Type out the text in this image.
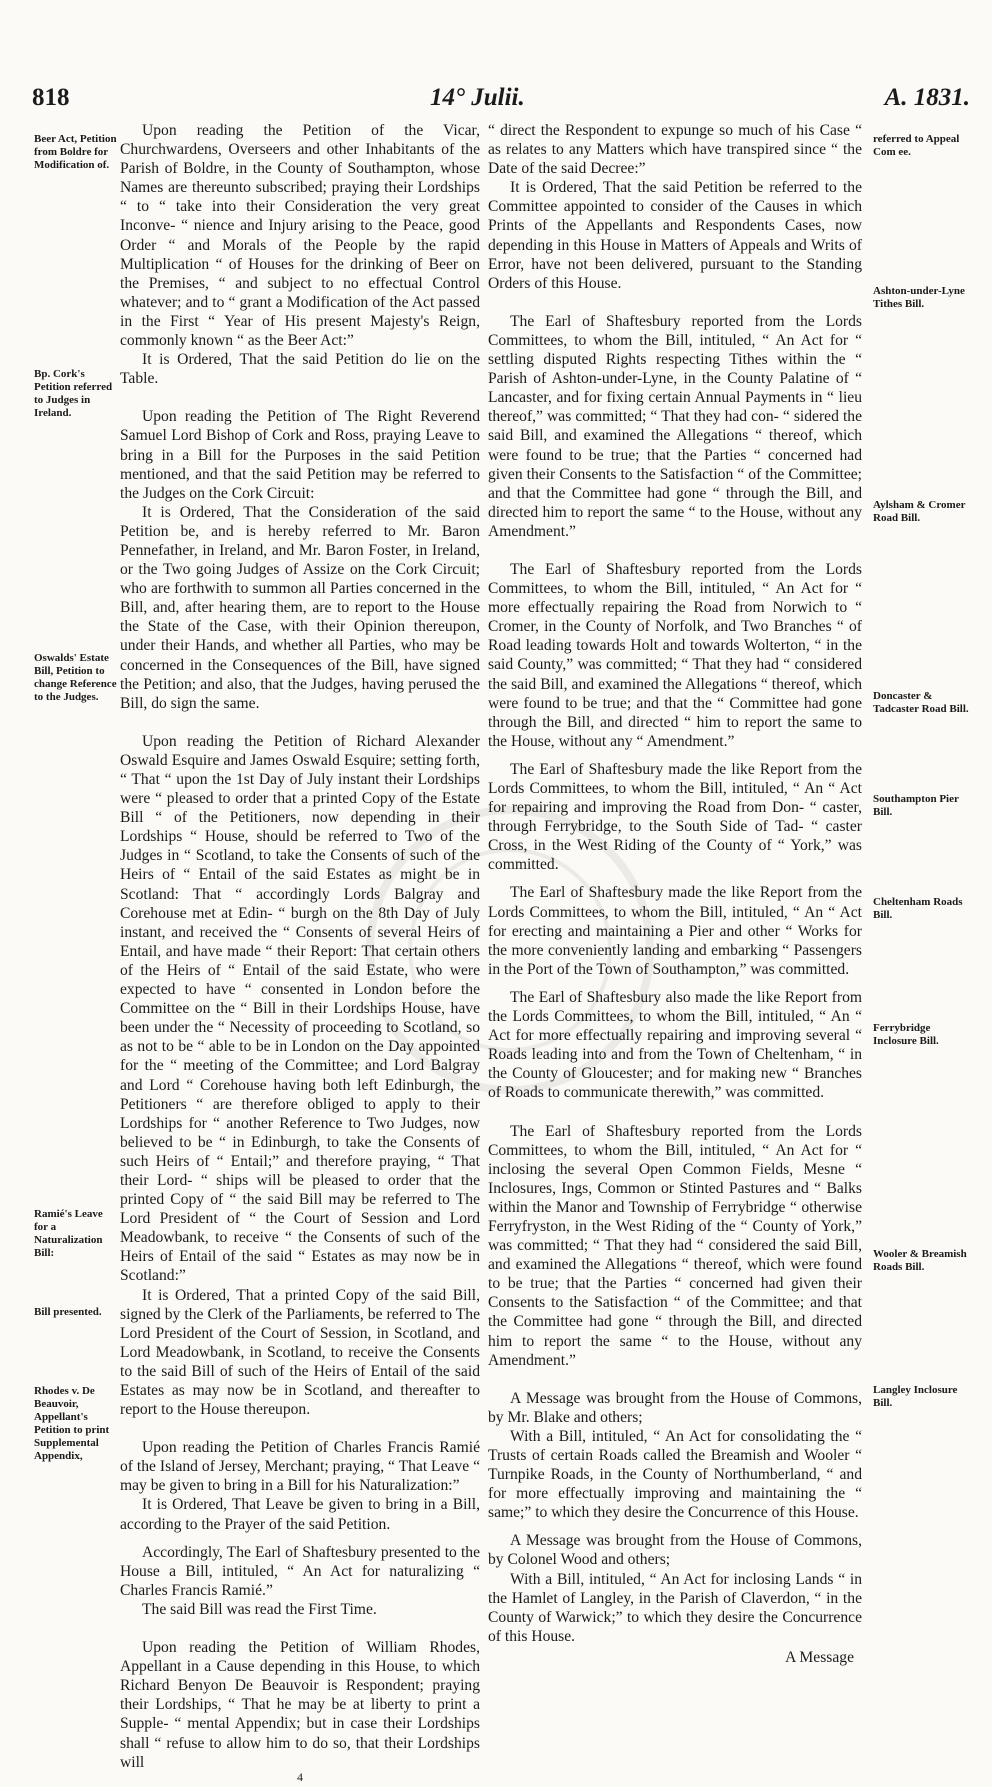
818	14° Julii.	A. 1831.
Beer Act, Petition from Boldre for Modification of.
Bp. Cork's Petition referred to Judges in Ireland.
Oswalds' Estate Bill, Petition to change Reference to the Judges.
Ramié's Leave for a Naturalization Bill:
Bill presented.
Rhodes v. De Beauvoir, Appellant's Petition to print Supplemental Appendix,
referred to Appeal Com ee.
Ashton-under-Lyne Tithes Bill.
Aylsham & Cromer Road Bill.
Doncaster & Tadcaster Road Bill.
Southampton Pier Bill.
Cheltenham Roads Bill.
Ferrybridge Inclosure Bill.
Wooler & Breamish Roads Bill.
Langley Inclosure Bill.

Upon reading the Petition of the Vicar, Churchwardens, Overseers and other Inhabitants of the Parish of Boldre, in the County of Southampton, whose Names are thereunto subscribed; praying their Lordships “ to “ take into their Consideration the very great Inconve- “ nience and Injury arising to the Peace, good Order “ and Morals of the People by the rapid Multiplication “ of Houses for the drinking of Beer on the Premises, “ and subject to no effectual Control whatever; and to “ grant a Modification of the Act passed in the First “ Year of His present Majesty's Reign, commonly known “ as the Beer Act:”

It is Ordered, That the said Petition do lie on the Table.

Upon reading the Petition of The Right Reverend Samuel Lord Bishop of Cork and Ross, praying Leave to bring in a Bill for the Purposes in the said Petition mentioned, and that the said Petition may be referred to the Judges on the Cork Circuit:

It is Ordered, That the Consideration of the said Petition be, and is hereby referred to Mr. Baron Pennefather, in Ireland, and Mr. Baron Foster, in Ireland, or the Two going Judges of Assize on the Cork Circuit; who are forthwith to summon all Parties concerned in the Bill, and, after hearing them, are to report to the House the State of the Case, with their Opinion thereupon, under their Hands, and whether all Parties, who may be concerned in the Consequences of the Bill, have signed the Petition; and also, that the Judges, having perused the Bill, do sign the same.

Upon reading the Petition of Richard Alexander Oswald Esquire and James Oswald Esquire; setting forth, “ That “ upon the 1st Day of July instant their Lordships were “ pleased to order that a printed Copy of the Estate Bill “ of the Petitioners, now depending in their Lordships “ House, should be referred to Two of the Judges in “ Scotland, to take the Consents of such of the Heirs of “ Entail of the said Estates as might be in Scotland: That “ accordingly Lords Balgray and Corehouse met at Edin- “ burgh on the 8th Day of July instant, and received the “ Consents of several Heirs of Entail, and have made “ their Report: That certain others of the Heirs of “ Entail of the said Estate, who were expected to have “ consented in London before the Committee on the “ Bill in their Lordships House, have been under the “ Necessity of proceeding to Scotland, so as not to be “ able to be in London on the Day appointed for the “ meeting of the Committee; and Lord Balgray and Lord “ Corehouse having both left Edinburgh, the Petitioners “ are therefore obliged to apply to their Lordships for “ another Reference to Two Judges, now believed to be “ in Edinburgh, to take the Consents of such Heirs of “ Entail;” and therefore praying, “ That their Lord- “ ships will be pleased to order that the printed Copy of “ the said Bill may be referred to The Lord President of “ the Court of Session and Lord Meadowbank, to receive “ the Consents of such of the Heirs of Entail of the said “ Estates as may now be in Scotland:”

It is Ordered, That a printed Copy of the said Bill, signed by the Clerk of the Parliaments, be referred to The Lord President of the Court of Session, in Scotland, and Lord Meadowbank, in Scotland, to receive the Consents to the said Bill of such of the Heirs of Entail of the said Estates as may now be in Scotland, and thereafter to report to the House thereupon.

Upon reading the Petition of Charles Francis Ramié of the Island of Jersey, Merchant; praying, “ That Leave “ may be given to bring in a Bill for his Naturalization:”

It is Ordered, That Leave be given to bring in a Bill, according to the Prayer of the said Petition.

Accordingly, The Earl of Shaftesbury presented to the House a Bill, intituled, “ An Act for naturalizing “ Charles Francis Ramié.”

The said Bill was read the First Time.

Upon reading the Petition of William Rhodes, Appellant in a Cause depending in this House, to which Richard Benyon De Beauvoir is Respondent; praying their Lordships, “ That he may be at liberty to print a Supple- “ mental Appendix; but in case their Lordships shall “ refuse to allow him to do so, that their Lordships will

4

“ direct the Respondent to expunge so much of his Case “ as relates to any Matters which have transpired since “ the Date of the said Decree:”

It is Ordered, That the said Petition be referred to the Committee appointed to consider of the Causes in which Prints of the Appellants and Respondents Cases, now depending in this House in Matters of Appeals and Writs of Error, have not been delivered, pursuant to the Standing Orders of this House.

The Earl of Shaftesbury reported from the Lords Committees, to whom the Bill, intituled, “ An Act for “ settling disputed Rights respecting Tithes within the “ Parish of Ashton-under-Lyne, in the County Palatine of “ Lancaster, and for fixing certain Annual Payments in “ lieu thereof,” was committed; “ That they had con- “ sidered the said Bill, and examined the Allegations “ thereof, which were found to be true; that the Parties “ concerned had given their Consents to the Satisfaction “ of the Committee; and that the Committee had gone “ through the Bill, and directed him to report the same “ to the House, without any Amendment.”

The Earl of Shaftesbury reported from the Lords Committees, to whom the Bill, intituled, “ An Act for “ more effectually repairing the Road from Norwich to “ Cromer, in the County of Norfolk, and Two Branches “ of Road leading towards Holt and towards Wolterton, “ in the said County,” was committed; “ That they had “ considered the said Bill, and examined the Allegations “ thereof, which were found to be true; and that the “ Committee had gone through the Bill, and directed “ him to report the same to the House, without any “ Amendment.”

The Earl of Shaftesbury made the like Report from the Lords Committees, to whom the Bill, intituled, “ An “ Act for repairing and improving the Road from Don- “ caster, through Ferrybridge, to the South Side of Tad- “ caster Cross, in the West Riding of the County of “ York,” was committed.

The Earl of Shaftesbury made the like Report from the Lords Committees, to whom the Bill, intituled, “ An “ Act for erecting and maintaining a Pier and other “ Works for the more conveniently landing and embarking “ Passengers in the Port of the Town of Southampton,” was committed.

The Earl of Shaftesbury also made the like Report from the Lords Committees, to whom the Bill, intituled, “ An “ Act for more effectually repairing and improving several “ Roads leading into and from the Town of Cheltenham, “ in the County of Gloucester; and for making new “ Branches of Roads to communicate therewith,” was committed.

The Earl of Shaftesbury reported from the Lords Committees, to whom the Bill, intituled, “ An Act for “ inclosing the several Open Common Fields, Mesne “ Inclosures, Ings, Common or Stinted Pastures and “ Balks within the Manor and Township of Ferrybridge “ otherwise Ferryfryston, in the West Riding of the “ County of York,” was committed; “ That they had “ considered the said Bill, and examined the Allegations “ thereof, which were found to be true; that the Parties “ concerned had given their Consents to the Satisfaction “ of the Committee; and that the Committee had gone “ through the Bill, and directed him to report the same “ to the House, without any Amendment.”

A Message was brought from the House of Commons, by Mr. Blake and others;

With a Bill, intituled, “ An Act for consolidating the “ Trusts of certain Roads called the Breamish and Wooler “ Turnpike Roads, in the County of Northumberland, “ and for more effectually improving and maintaining the “ same;” to which they desire the Concurrence of this House.

A Message was brought from the House of Commons, by Colonel Wood and others;

With a Bill, intituled, “ An Act for inclosing Lands “ in the Hamlet of Langley, in the Parish of Claverdon, “ in the County of Warwick;” to which they desire the Concurrence of this House.

A Message
